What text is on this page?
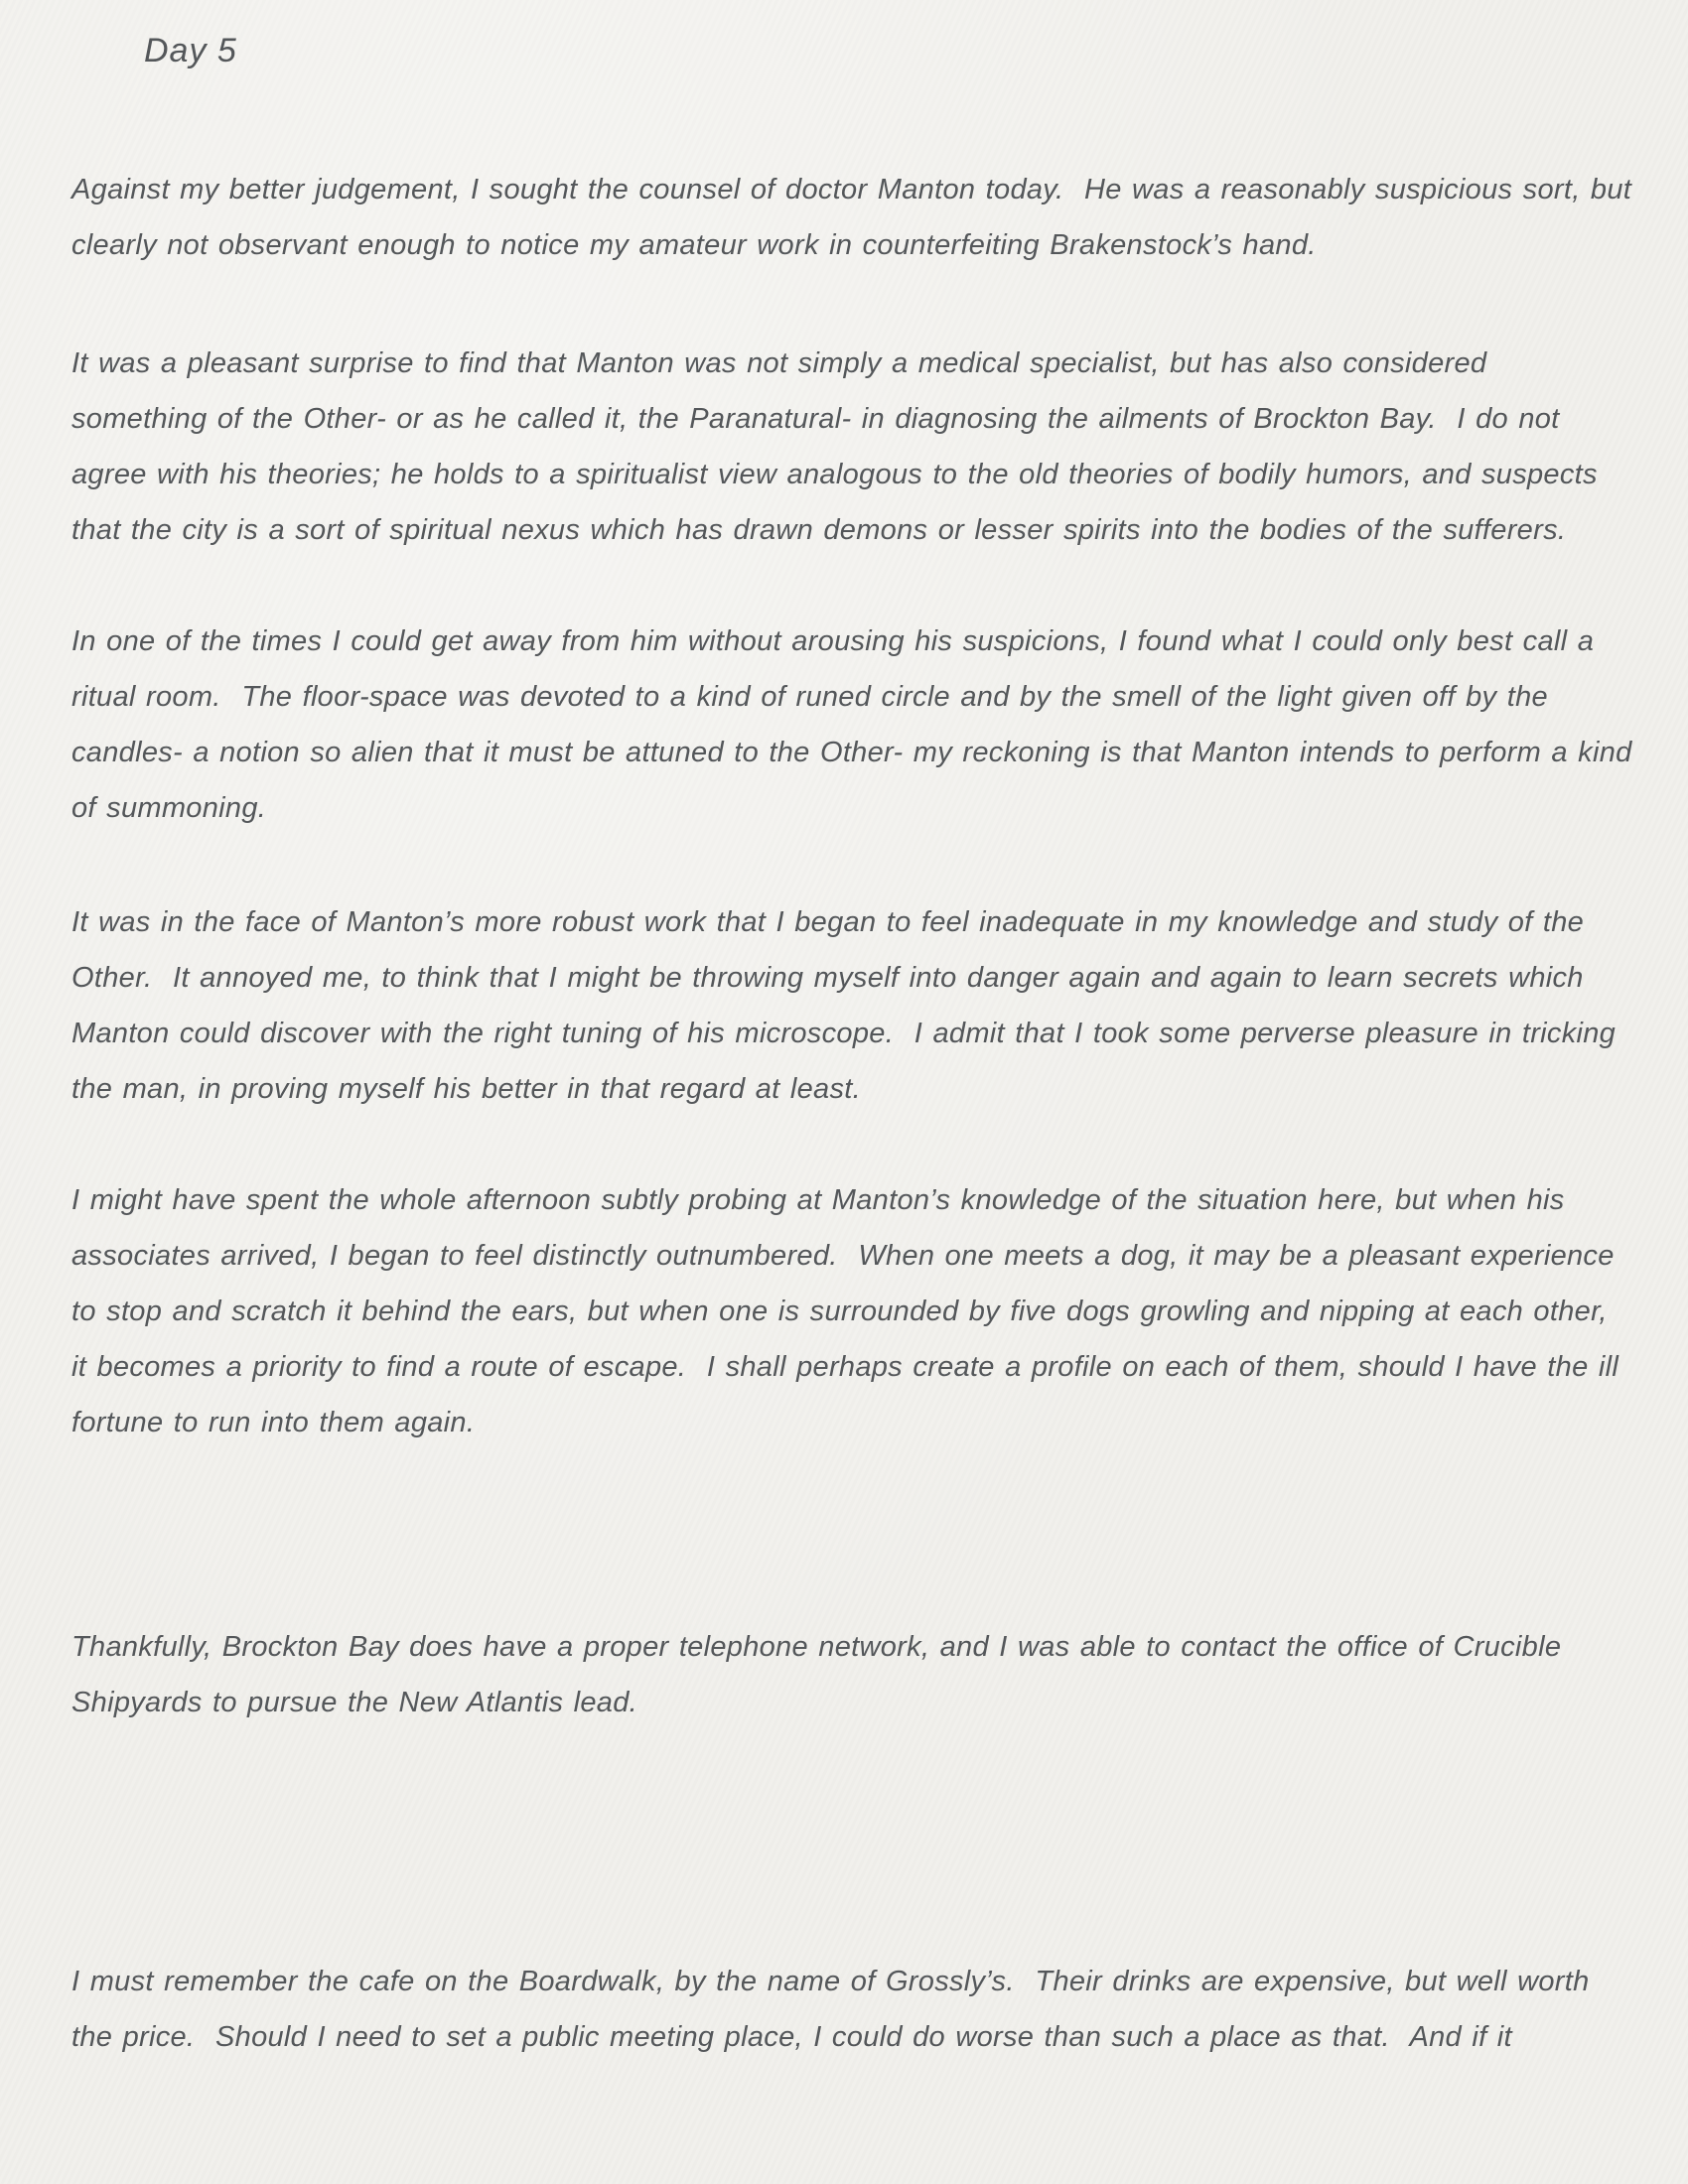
Day 5

Against my better judgement, I sought the counsel of doctor Manton today.  He was a reasonably suspicious sort, but clearly not observant enough to notice my amateur work in counterfeiting Brakenstock’s hand.

It was a pleasant surprise to find that Manton was not simply a medical specialist, but has also considered something of the Other- or as he called it, the Paranatural- in diagnosing the ailments of Brockton Bay.  I do not agree with his theories; he holds to a spiritualist view analogous to the old theories of bodily humors, and suspects that the city is a sort of spiritual nexus which has drawn demons or lesser spirits into the bodies of the sufferers.

In one of the times I could get away from him without arousing his suspicions, I found what I could only best call a ritual room.  The floor-space was devoted to a kind of runed circle and by the smell of the light given off by the candles- a notion so alien that it must be attuned to the Other- my reckoning is that Manton intends to perform a kind of summoning.

It was in the face of Manton’s more robust work that I began to feel inadequate in my knowledge and study of the Other.  It annoyed me, to think that I might be throwing myself into danger again and again to learn secrets which Manton could discover with the right tuning of his microscope.  I admit that I took some perverse pleasure in tricking the man, in proving myself his better in that regard at least.

I might have spent the whole afternoon subtly probing at Manton’s knowledge of the situation here, but when his associates arrived, I began to feel distinctly outnumbered.  When one meets a dog, it may be a pleasant experience to stop and scratch it behind the ears, but when one is surrounded by five dogs growling and nipping at each other, it becomes a priority to find a route of escape.  I shall perhaps create a profile on each of them, should I have the ill fortune to run into them again.

Thankfully, Brockton Bay does have a proper telephone network, and I was able to contact the office of Crucible Shipyards to pursue the New Atlantis lead.

I must remember the cafe on the Boardwalk, by the name of Grossly’s.  Their drinks are expensive, but well worth the price.  Should I need to set a public meeting place, I could do worse than such a place as that.  And if it
